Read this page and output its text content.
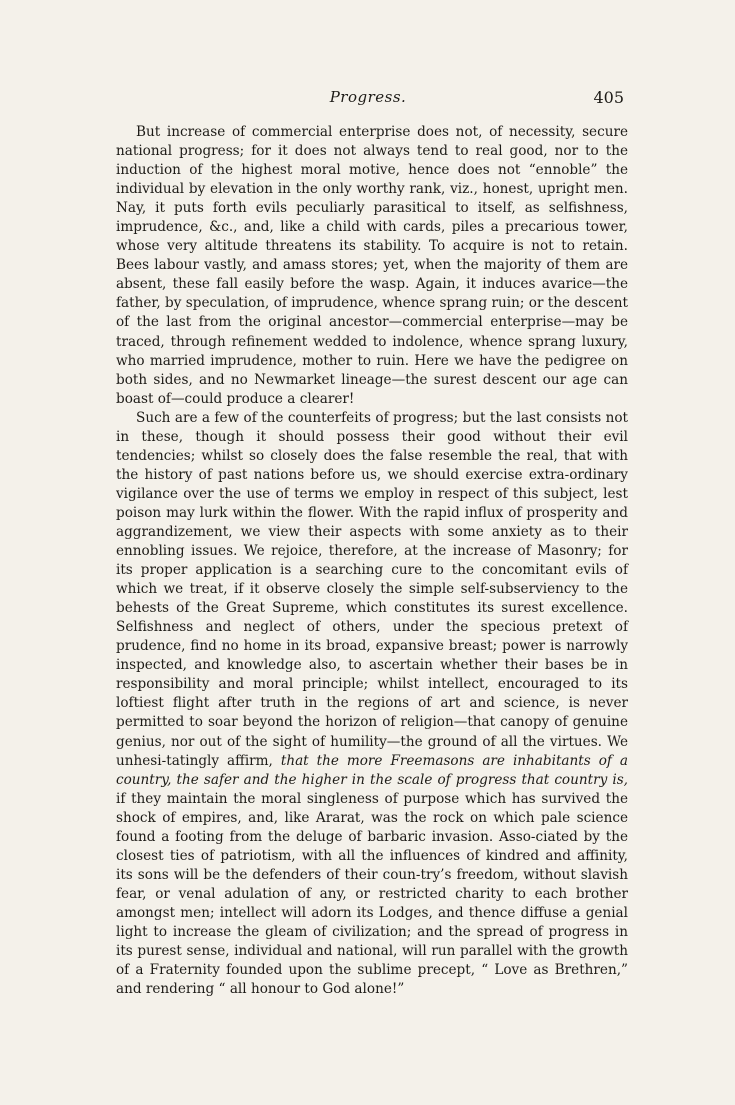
Progress.	405

But increase of commercial enterprise does not, of necessity, secure national progress; for it does not always tend to real good, nor to the induction of the highest moral motive, hence does not “ennoble” the individual by elevation in the only worthy rank, viz., honest, upright men. Nay, it puts forth evils peculiarly parasitical to itself, as selfishness, imprudence, &c., and, like a child with cards, piles a precarious tower, whose very altitude threatens its stability. To acquire is not to retain. Bees labour vastly, and amass stores; yet, when the majority of them are absent, these fall easily before the wasp. Again, it induces avarice—the father, by speculation, of imprudence, whence sprang ruin; or the descent of the last from the original ancestor—commercial enterprise—may be traced, through refinement wedded to indolence, whence sprang luxury, who married imprudence, mother to ruin. Here we have the pedigree on both sides, and no Newmarket lineage—the surest descent our age can boast of—could produce a clearer!

Such are a few of the counterfeits of progress; but the last consists not in these, though it should possess their good without their evil tendencies; whilst so closely does the false resemble the real, that with the history of past nations before us, we should exercise extra-ordinary vigilance over the use of terms we employ in respect of this subject, lest poison may lurk within the flower. With the rapid influx of prosperity and aggrandizement, we view their aspects with some anxiety as to their ennobling issues. We rejoice, therefore, at the increase of Masonry; for its proper application is a searching cure to the concomitant evils of which we treat, if it observe closely the simple self-subserviency to the behests of the Great Supreme, which constitutes its surest excellence. Selfishness and neglect of others, under the specious pretext of prudence, find no home in its broad, expansive breast; power is narrowly inspected, and knowledge also, to ascertain whether their bases be in responsibility and moral principle; whilst intellect, encouraged to its loftiest flight after truth in the regions of art and science, is never permitted to soar beyond the horizon of religion—that canopy of genuine genius, nor out of the sight of humility—the ground of all the virtues. We unhesi-tatingly affirm, that the more Freemasons are inhabitants of a country, the safer and the higher in the scale of progress that country is, if they maintain the moral singleness of purpose which has survived the shock of empires, and, like Ararat, was the rock on which pale science found a footing from the deluge of barbaric invasion. Asso-ciated by the closest ties of patriotism, with all the influences of kindred and affinity, its sons will be the defenders of their coun-try’s freedom, without slavish fear, or venal adulation of any, or restricted charity to each brother amongst men; intellect will adorn its Lodges, and thence diffuse a genial light to increase the gleam of civilization; and the spread of progress in its purest sense, individual and national, will run parallel with the growth of a Fraternity founded upon the sublime precept, “ Love as Brethren,” and rendering “ all honour to God alone!”
